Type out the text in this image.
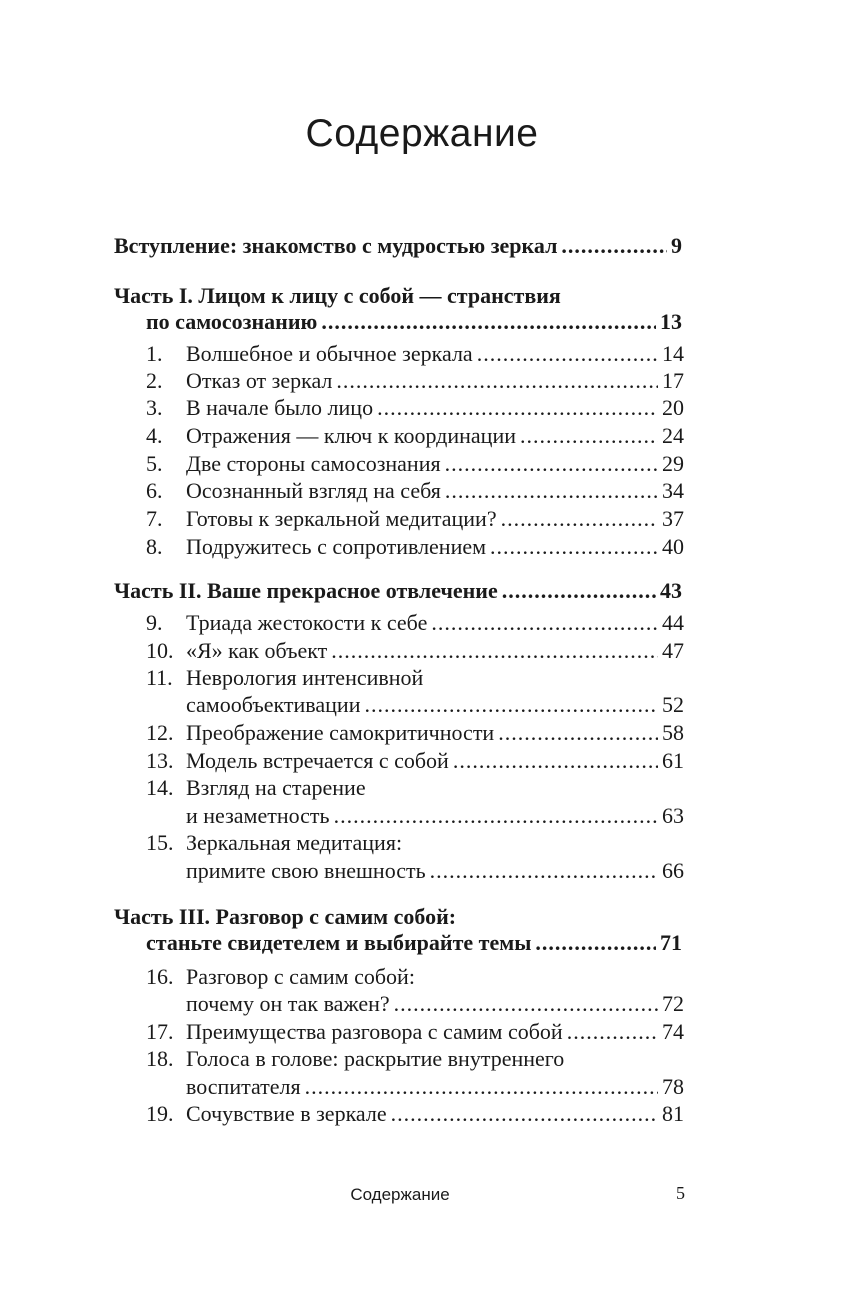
Содержание
Вступление: знакомство с мудростью зеркал .....	9
Часть I. Лицом к лицу с собой — странствия
по самосознанию .....	13
1.	Волшебное и обычное зеркала .....	14
2.	Отказ от зеркал .....	17
3.	В начале было лицо .....	20
4.	Отражения — ключ к координации .....	24
5.	Две стороны самосознания .....	29
6.	Осознанный взгляд на себя .....	34
7.	Готовы к зеркальной медитации? .....	37
8.	Подружитесь с сопротивлением .....	40
Часть II. Ваше прекрасное отвлечение .....	43
9.	Триада жестокости к себе .....	44
10. «Я» как объект .....	47
11. Неврология интенсивной
самообъективации .....	52
12. Преображение самокритичности .....	58
13. Модель встречается с собой .....	61
14. Взгляд на старение
и незаметность .....	63
15. Зеркальная медитация:
примите свою внешность .....	66
Часть III. Разговор с самим собой:
станьте свидетелем и выбирайте темы .....	71
16. Разговор с самим собой:
почему он так важен? .....	72
17. Преимущества разговора с самим собой .....	74
18. Голоса в голове: раскрытие внутреннего
воспитателя .....	78
19. Сочувствие в зеркале .....	81
Содержание	5
